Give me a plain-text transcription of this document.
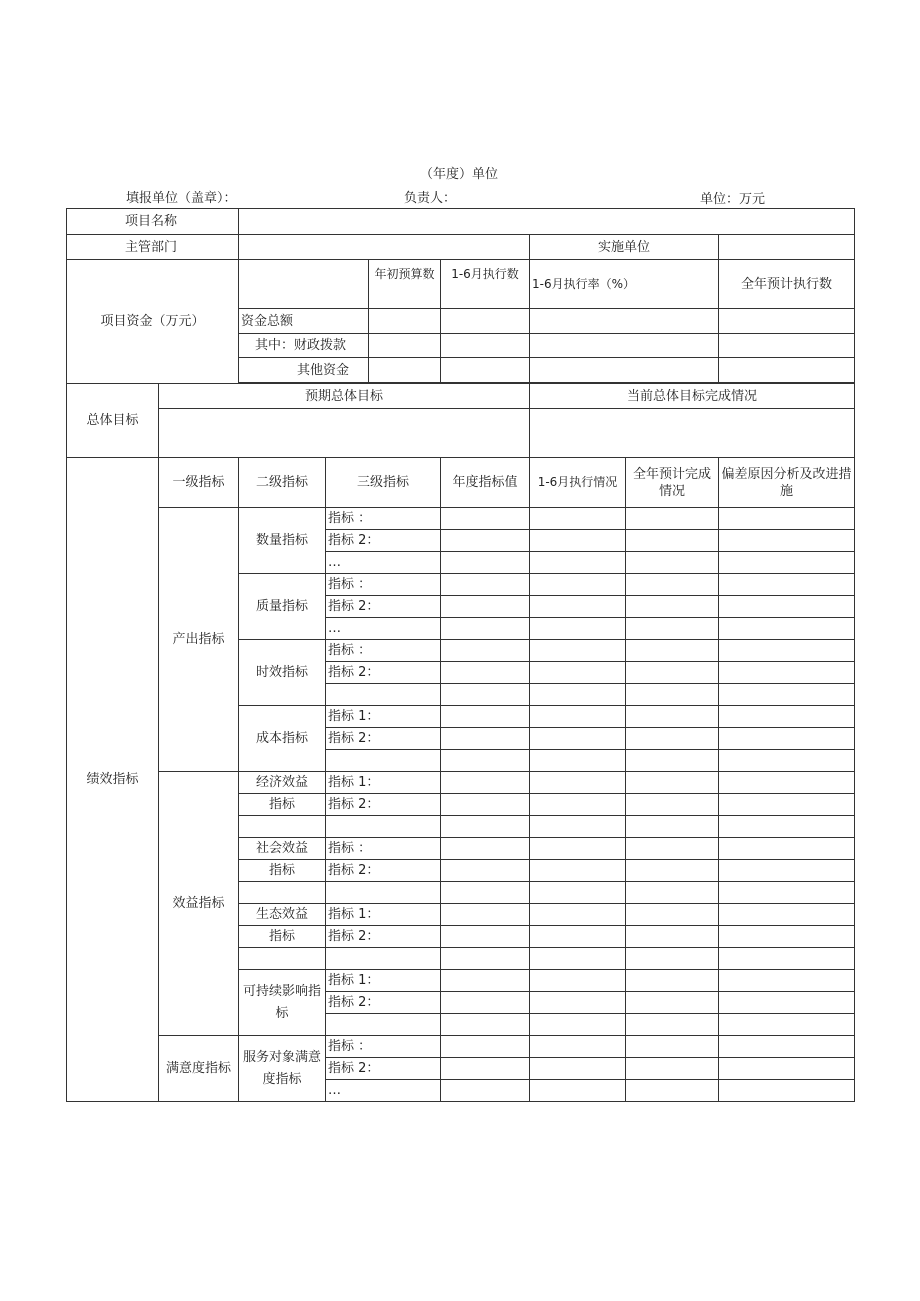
（年度）单位
填报单位（盖章）：	负责人：	单位：万元
项目名称								
主管部门						实施单位		
项目资金（万元）				年初预算数	1-6月执行数	1-6月执行率（%）		全年预计执行数
		资金总额						
		其中：财政拨款						
		其他资金						

总体目标	预期总体目标					当前总体目标完成情况		

绩效指标	一级指标	二级指标	三级指标		年度指标值	1-6月执行情况	全年预计完成情况	偏差原因分析及改进措施
	产出指标	数量指标	指标 ：					
			指标 2：					
			…					
		质量指标	指标 ：					
			指标 2：					
			…					
		时效指标	指标 ：					
			指标 2：					

		成本指标	指标 1：					
			指标 2：					

	效益指标	经济效益	指标 1：					
		指标	指标 2：					

		社会效益	指标 ：					
		指标	指标 2：					

		生态效益	指标 1：					
		指标	指标 2：					

		可持续影响指标	指标 1：					
			指标 2：					

	满意度指标	服务对象满意度指标	指标 ：					
			指标 2：					
			…					
